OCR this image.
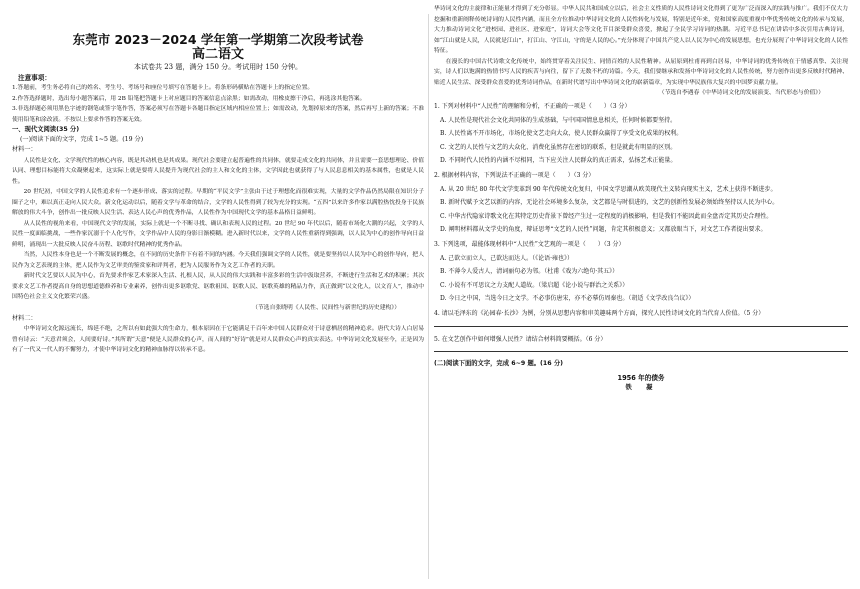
东莞市 2023－2024 学年第一学期第二次段考试卷
高二语文
本试卷共 23 题，满分 150 分。考试用时 150 分钟。
注意事项：

1.答题前，考生务必将自己的姓名、考生号、考场号和座位号填写在答题卡上。将条形码横贴在答题卡上的指定位置。

2.作答选择题时，选出每小题答案后，用 2B 铅笔把答题卡上对应题目的答案信息点涂黑；如需改动，用橡皮擦干净后，再选涂其他答案。

3.非选择题必须用黑色字迹的钢笔或签字笔作答，答案必须写在答题卡各题目指定区域内相应位置上；如需改动，先划掉原来的答案，然后再写上新的答案；不准使用铅笔和涂改液。不按以上要求作答的答案无效。

一、现代文阅读(35 分)
(一)阅读下面的文字，完成 1~5 题。(19 分)
材料一：

人民性是文化、文学现代性的核心内容，既是其动机也是其成果。现代社会要建立起普遍性的共同体，就要走成文化的共同体，并且需要一套思想理论、价值认同、理想目标能将大众凝聚起来，这实际上就是要将人民提升为现代社会的主人和文化的主体，文学因此也就获得了与人民息息相关的基本属性，也就是人民性。

20 世纪初，中国文学的人民性追求有一个逐步形成、落实的过程。早期的“平民文学”主张由于过于理想化而很难实现，大量的文学作品仍然局限在知识分子圈子之中，难以真正走向人民大众。新文化运动以后，随着文学与革命的结合，文学的人民性得到了较为充分的实现。“五四”以来许多作家以满腔热忱投身于民族解放的伟大斗争，创作出一批反映人民生活、表达人民心声的优秀作品，人民性作为中国现代文学的基本品格日益鲜明。

从人民性的视角来看，中国现代文学的发展，实际上就是一个不断寻找、确认和表现人民的过程。20 世纪 90 年代以后，随着市场化大潮的兴起，文学的人民性一度面临挑战，一些作家沉溺于个人化写作，文学作品中人民的身影日渐模糊。进入新时代以来，文学的人民性重新得到强调，以人民为中心的创作导向日益鲜明，涌现出一大批反映人民奋斗历程、讴歌时代精神的优秀作品。

当然，人民性本身也是一个不断发展的概念，在不同的历史条件下有着不同的内涵。今天我们强调文学的人民性，就是要坚持以人民为中心的创作导向，把人民作为文艺表现的主体，把人民作为文艺审美的鉴赏家和评判者，把为人民服务作为文艺工作者的天职。

新时代文艺要以人民为中心，首先要求作家艺术家深入生活、扎根人民，从人民的伟大实践和丰富多彩的生活中汲取营养，不断进行生活和艺术的积累；其次要求文艺工作者提高自身的思想道德修养和专业素养，创作出更多讴歌党、讴歌祖国、讴歌人民、讴歌英雄的精品力作，真正做到“以文化人，以文育人”，推动中国特色社会主义文化繁荣兴盛。

（节选自张晓明《人民性、民间性与新世纪的历史建构》）
材料二：

中华诗词文化源远流长，绵延不绝，之所以有如此强大的生命力，根本原因在于它能满足千百年来中国人民群众对于诗意栖居的精神追求。唐代大诗人白居易曾有诗云：“天意君须会，人间要好诗。”其所谓“天意”便是人民群众的心声，而人间的“好诗”就是对人民群众心声的真实表达。中华诗词文化发展至今，正是因为有了一代又一代人的不懈努力，才使中华诗词文化的精神血脉得以传承不息。

华诗词文化的主旋律和正能量才得到了充分彰显。中华人民共和国成立以后，社会主义性质的人民性诗词文化得到了更为广泛而深入的实践与推广。我们不仅大力挖掘和重新阐释传统诗词的人民性内涵，而且全方位推动中华诗词文化的人民性转化与发展，特别是近年来，党和国家高度重视中华优秀传统文化的传承与发展，大力推动诗词文化“进校园、进社区、进家庭”，诗词大会等文化节目深受群众喜爱，掀起了全民学习诗词的热潮。习近平总书记在讲话中多次引用古典诗词，如“江山就是人民，人民就是江山”，打江山、守江山，守的是人民的心。”充分体现了中国共产党人以人民为中心的发展思想，也充分展现了中华诗词文化的人民性特征。

在漫长的中国古代诗歌文化传统中，始终贯穿着关注民生、同情百姓的人民性精神。从屈原到杜甫再到白居易，中华诗词的优秀传统在于情感真挚、关注现实，诗人们以饱满的热情书写人民的疾苦与向往，留下了无数不朽的诗篇。今天，我们要继承和发扬中华诗词文化的人民性传统，努力创作出更多反映时代精神、贴近人民生活、深受群众喜爱的优秀诗词作品，在新时代谱写出中华诗词文化的崭新篇章，为实现中华民族伟大复兴的中国梦贡献力量。

（节选自李遇春《中华诗词文化的发展演变、当代形态与价值》）

1. 下列对材料中“人民性”的理解和分析，不正确的一项是（　　）（3 分）

A. 人民性是现代社会文化共同体的生成基础，与中国国情息息相关，任何时候都要坚持。

B. 人民性离不开市场化，市场化使文艺走向大众，使人民群众赢得了享受文化成果的权利。

C. 文艺的人民性与文艺的大众化、消费化虽然存在密切的联系，但是就此有明显的区别。

D. 不同时代人民性的内涵不尽相同，当下应关注人民群众的真正需求，弘扬艺术正能量。

2. 根据材料内容，下列说法不正确的一项是（　　）（3 分）

A. 从 20 世纪 80 年代文学变革到 90 年代传统文化复归，中国文学思潮从欧美现代主义转向现实主义，艺术上获得不断进步。

B. 新时代赋予文艺以新的内容，无论社会环境多么复杂，文艺都是与时俱进的，文艺的创新性发展必须始终坚持以人民为中心。

C. 中华古代隐家诗歌文化在其特定历史背景下曾经产生过一定程度的消极影响，但是我们不能因此而全盘否定其历史合理性。

D. 阐明材料都从文学史的角度，辩证思考“文艺的人民性”问题，肯定其积极意义；又都放眼当下，对文艺工作者提出要求。

3. 下列选项，最能体现材料中“人民性”文艺观的一项是（　　）（3 分）

A. 己欲立而立人，己欲达而达人。（《论语·雍也》）

B. 不薄今人爱古人，清词丽句必为邻。（杜甫《戏为六绝句·其五》）

C. 小说有不可思议之力支配人道故。（梁启超《论小说与群治之关系》）

D. 今日之中国，当选今日之文学。不必事仿唐宋，亦不必摹仿周秦也。（胡适《文学改良刍议》）

4. 请以毛泽东的《沁园春·长沙》为例，分别从思想内容和审美趣味两个方面，探究人民性诗词文化的当代育人价值。（5 分）

5. 在文艺创作中如何增强人民性？请结合材料简要概括。（6 分）

(二)阅读下面的文字，完成 6~9 题。(16 分)
1956 年的债务
铁　凝
